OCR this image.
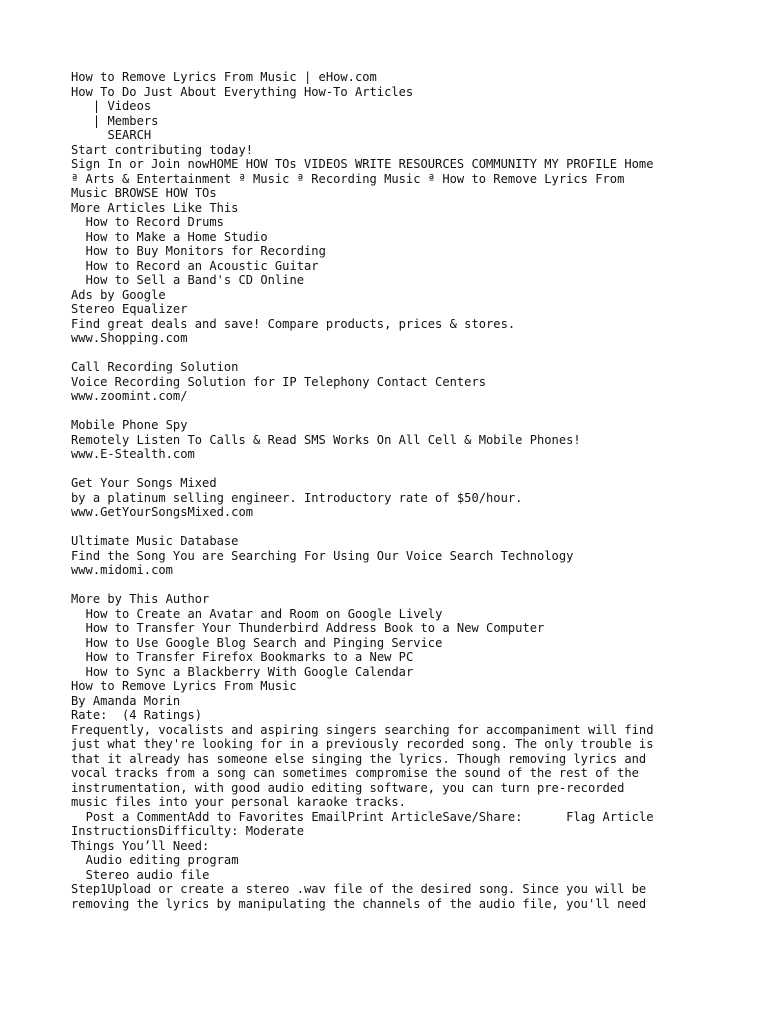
How to Remove Lyrics From Music | eHow.com
How To Do Just About Everything How-To Articles
| Videos
| Members
SEARCH
Start contributing today!
Sign In or Join nowHOME HOW TOs VIDEOS WRITE RESOURCES COMMUNITY MY PROFILE Home
ª Arts & Entertainment ª Music ª Recording Music ª How to Remove Lyrics From
Music BROWSE HOW TOs
More Articles Like This
How to Record Drums
How to Make a Home Studio
How to Buy Monitors for Recording
How to Record an Acoustic Guitar
How to Sell a Band's CD Online
Ads by Google
Stereo Equalizer
Find great deals and save! Compare products, prices & stores.
www.Shopping.com
Call Recording Solution
Voice Recording Solution for IP Telephony Contact Centers
www.zoomint.com/
Mobile Phone Spy
Remotely Listen To Calls & Read SMS Works On All Cell & Mobile Phones!
www.E-Stealth.com
Get Your Songs Mixed
by a platinum selling engineer. Introductory rate of $50/hour.
www.GetYourSongsMixed.com
Ultimate Music Database
Find the Song You are Searching For Using Our Voice Search Technology
www.midomi.com
More by This Author
How to Create an Avatar and Room on Google Lively
How to Transfer Your Thunderbird Address Book to a New Computer
How to Use Google Blog Search and Pinging Service
How to Transfer Firefox Bookmarks to a New PC
How to Sync a Blackberry With Google Calendar
How to Remove Lyrics From Music
By Amanda Morin
Rate:  (4 Ratings)
Frequently, vocalists and aspiring singers searching for accompaniment will find
just what they're looking for in a previously recorded song. The only trouble is
that it already has someone else singing the lyrics. Though removing lyrics and
vocal tracks from a song can sometimes compromise the sound of the rest of the
instrumentation, with good audio editing software, you can turn pre-recorded
music files into your personal karaoke tracks.
Post a CommentAdd to Favorites EmailPrint ArticleSave/Share:	Flag Article
InstructionsDifficulty: Moderate
Things You’ll Need:
Audio editing program
Stereo audio file
Step1Upload or create a stereo .wav file of the desired song. Since you will be
removing the lyrics by manipulating the channels of the audio file, you'll need
